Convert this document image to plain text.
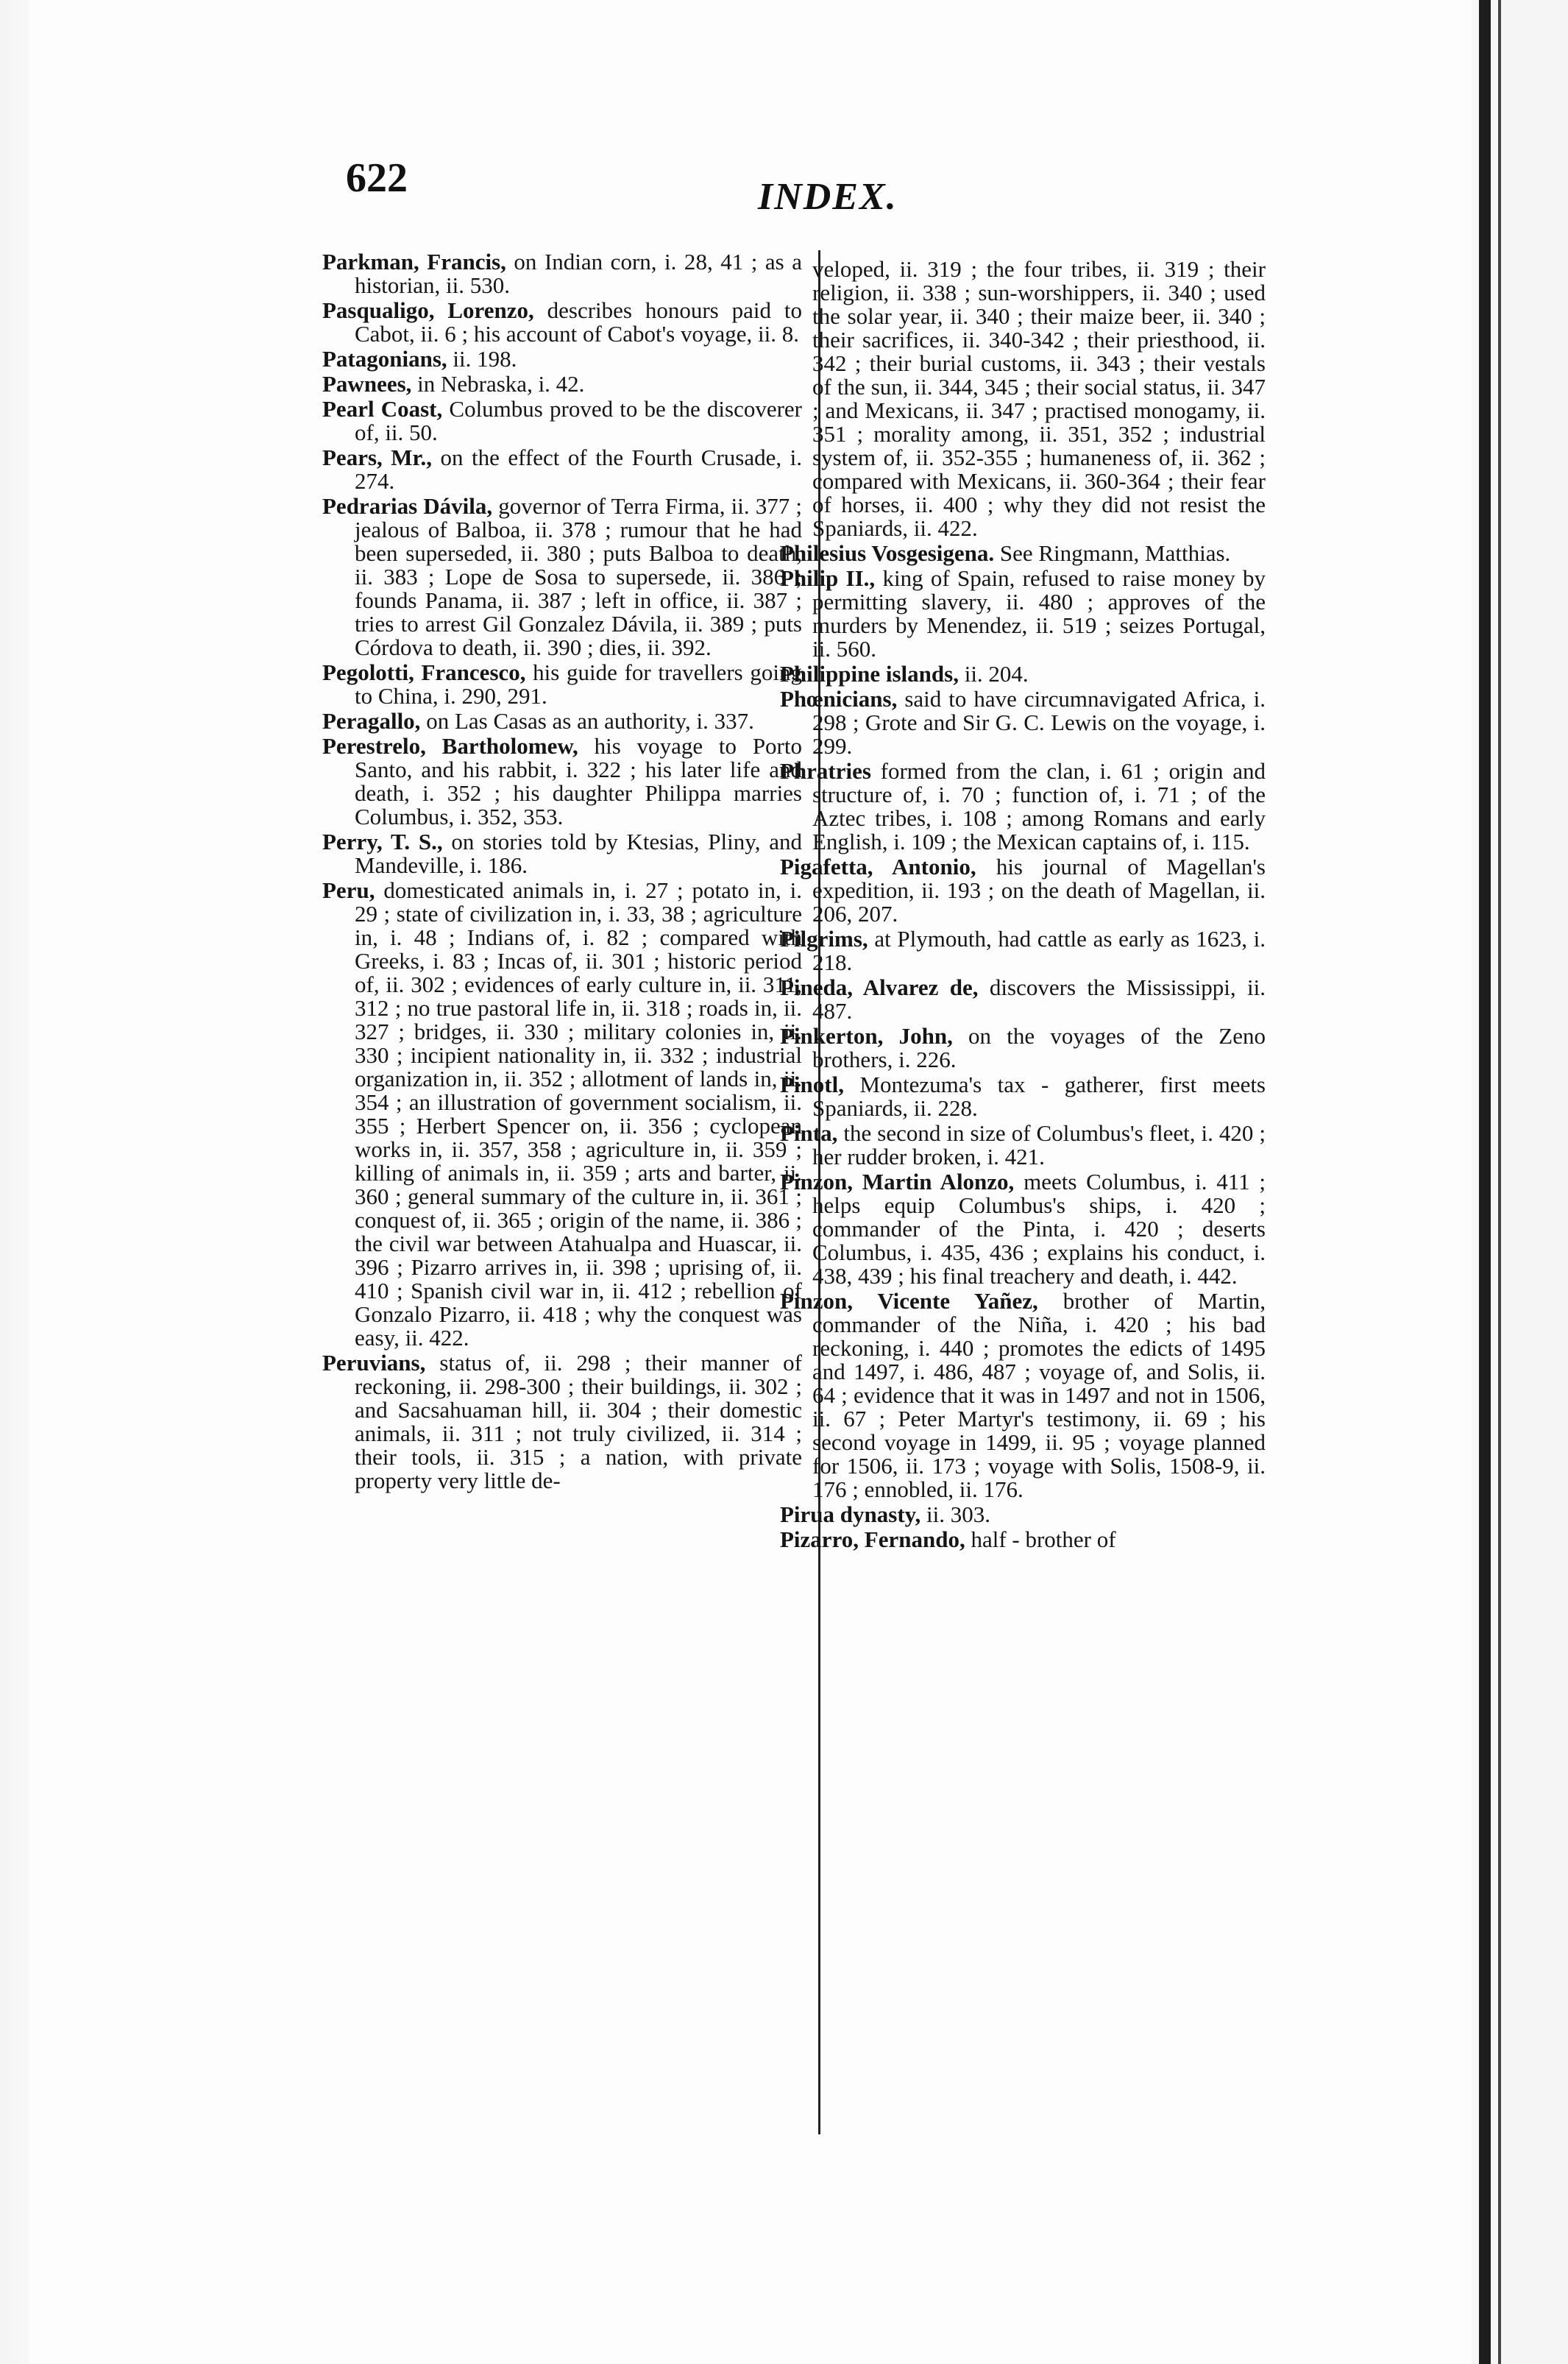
622	INDEX.

Parkman, Francis, on Indian corn, i. 28, 41 ; as a historian, ii. 530.

Pasqualigo, Lorenzo, describes honours paid to Cabot, ii. 6 ; his account of Cabot's voyage, ii. 8.

Patagonians, ii. 198.

Pawnees, in Nebraska, i. 42.

Pearl Coast, Columbus proved to be the discoverer of, ii. 50.

Pears, Mr., on the effect of the Fourth Crusade, i. 274.

Pedrarias Dávila, governor of Terra Firma, ii. 377 ; jealous of Balboa, ii. 378 ; rumour that he had been superseded, ii. 380 ; puts Balboa to death, ii. 383 ; Lope de Sosa to supersede, ii. 386 ; founds Panama, ii. 387 ; left in office, ii. 387 ; tries to arrest Gil Gonzalez Dávila, ii. 389 ; puts Córdova to death, ii. 390 ; dies, ii. 392.

Pegolotti, Francesco, his guide for travellers going to China, i. 290, 291.

Peragallo, on Las Casas as an authority, i. 337.

Perestrelo, Bartholomew, his voyage to Porto Santo, and his rabbit, i. 322 ; his later life and death, i. 352 ; his daughter Philippa marries Columbus, i. 352, 353.

Perry, T. S., on stories told by Ktesias, Pliny, and Mandeville, i. 186.

Peru, domesticated animals in, i. 27 ; potato in, i. 29 ; state of civilization in, i. 33, 38 ; agriculture in, i. 48 ; Indians of, i. 82 ; compared with Greeks, i. 83 ; Incas of, ii. 301 ; historic period of, ii. 302 ; evidences of early culture in, ii. 311, 312 ; no true pastoral life in, ii. 318 ; roads in, ii. 327 ; bridges, ii. 330 ; military colonies in, ii. 330 ; incipient nationality in, ii. 332 ; industrial organization in, ii. 352 ; allotment of lands in, ii. 354 ; an illustration of government socialism, ii. 355 ; Herbert Spencer on, ii. 356 ; cyclopean works in, ii. 357, 358 ; agriculture in, ii. 359 ; killing of animals in, ii. 359 ; arts and barter, ii. 360 ; general summary of the culture in, ii. 361 ; conquest of, ii. 365 ; origin of the name, ii. 386 ; the civil war between Atahualpa and Huascar, ii. 396 ; Pizarro arrives in, ii. 398 ; uprising of, ii. 410 ; Spanish civil war in, ii. 412 ; rebellion of Gonzalo Pizarro, ii. 418 ; why the conquest was easy, ii. 422.

Peruvians, status of, ii. 298 ; their manner of reckoning, ii. 298-300 ; their buildings, ii. 302 ; and Sacsahuaman hill, ii. 304 ; their domestic animals, ii. 311 ; not truly civilized, ii. 314 ; their tools, ii. 315 ; a nation, with private property very little de-

veloped, ii. 319 ; the four tribes, ii. 319 ; their religion, ii. 338 ; sun-worshippers, ii. 340 ; used the solar year, ii. 340 ; their maize beer, ii. 340 ; their sacrifices, ii. 340-342 ; their priesthood, ii. 342 ; their burial customs, ii. 343 ; their vestals of the sun, ii. 344, 345 ; their social status, ii. 347 ; and Mexicans, ii. 347 ; practised monogamy, ii. 351 ; morality among, ii. 351, 352 ; industrial system of, ii. 352-355 ; humaneness of, ii. 362 ; compared with Mexicans, ii. 360-364 ; their fear of horses, ii. 400 ; why they did not resist the Spaniards, ii. 422.

Philesius Vosgesigena. See Ringmann, Matthias.

Philip II., king of Spain, refused to raise money by permitting slavery, ii. 480 ; approves of the murders by Menendez, ii. 519 ; seizes Portugal, ii. 560.

Philippine islands, ii. 204.

Phœnicians, said to have circumnavigated Africa, i. 298 ; Grote and Sir G. C. Lewis on the voyage, i. 299.

Phratries formed from the clan, i. 61 ; origin and structure of, i. 70 ; function of, i. 71 ; of the Aztec tribes, i. 108 ; among Romans and early English, i. 109 ; the Mexican captains of, i. 115.

Pigafetta, Antonio, his journal of Magellan's expedition, ii. 193 ; on the death of Magellan, ii. 206, 207.

Pilgrims, at Plymouth, had cattle as early as 1623, i. 218.

Pineda, Alvarez de, discovers the Mississippi, ii. 487.

Pinkerton, John, on the voyages of the Zeno brothers, i. 226.

Pinotl, Montezuma's tax - gatherer, first meets Spaniards, ii. 228.

Pinta, the second in size of Columbus's fleet, i. 420 ; her rudder broken, i. 421.

Pinzon, Martin Alonzo, meets Columbus, i. 411 ; helps equip Columbus's ships, i. 420 ; commander of the Pinta, i. 420 ; deserts Columbus, i. 435, 436 ; explains his conduct, i. 438, 439 ; his final treachery and death, i. 442.

Pinzon, Vicente Yañez, brother of Martin, commander of the Niña, i. 420 ; his bad reckoning, i. 440 ; promotes the edicts of 1495 and 1497, i. 486, 487 ; voyage of, and Solis, ii. 64 ; evidence that it was in 1497 and not in 1506, ii. 67 ; Peter Martyr's testimony, ii. 69 ; his second voyage in 1499, ii. 95 ; voyage planned for 1506, ii. 173 ; voyage with Solis, 1508-9, ii. 176 ; ennobled, ii. 176.

Pirua dynasty, ii. 303.

Pizarro, Fernando, half - brother of
